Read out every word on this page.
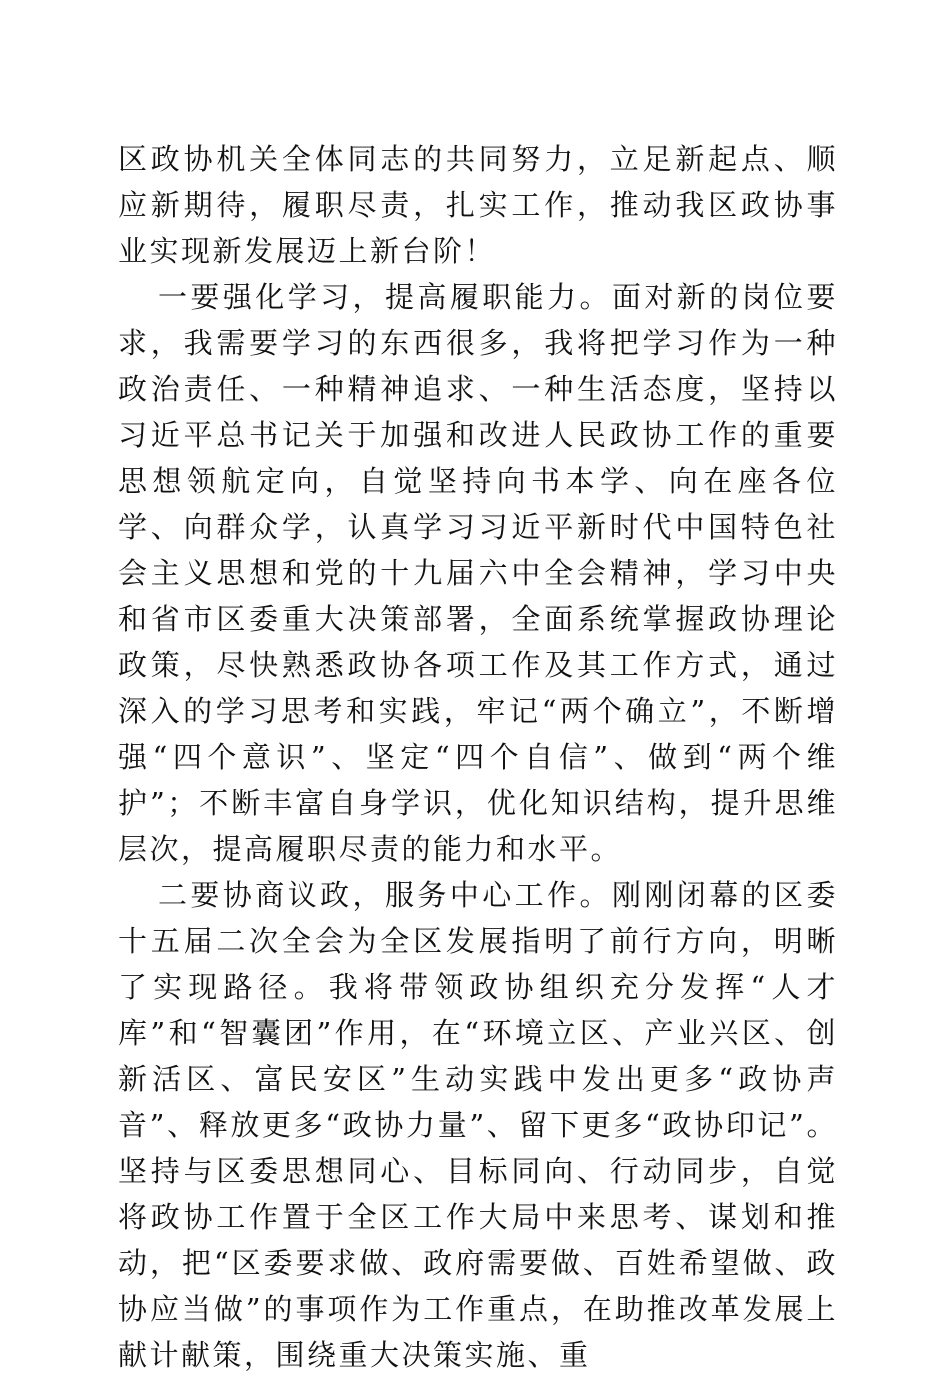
区政协机关全体同志的共同努力，立足新起点、顺应新期待，履职尽责，扎实工作，推动我区政协事业实现新发展迈上新台阶！

一要强化学习，提高履职能力。面对新的岗位要求，我需要学习的东西很多，我将把学习作为一种政治责任、一种精神追求、一种生活态度，坚持以习近平总书记关于加强和改进人民政协工作的重要思想领航定向，自觉坚持向书本学、向在座各位学、向群众学，认真学习习近平新时代中国特色社会主义思想和党的十九届六中全会精神，学习中央和省市区委重大决策部署，全面系统掌握政协理论政策，尽快熟悉政协各项工作及其工作方式，通过深入的学习思考和实践，牢记“两个确立”，不断增强“四个意识”、坚定“四个自信”、做到“两个维护”；不断丰富自身学识，优化知识结构，提升思维层次，提高履职尽责的能力和水平。

二要协商议政，服务中心工作。刚刚闭幕的区委十五届二次全会为全区发展指明了前行方向，明晰了实现路径。我将带领政协组织充分发挥“人才库”和“智囊团”作用，在“环境立区、产业兴区、创新活区、富民安区”生动实践中发出更多“政协声音”、释放更多“政协力量”、留下更多“政协印记”。坚持与区委思想同心、目标同向、行动同步，自觉将政协工作置于全区工作大局中来思考、谋划和推动，把“区委要求做、政府需要做、百姓希望做、政协应当做”的事项作为工作重点，在助推改革发展上献计献策，围绕重大决策实施、重
